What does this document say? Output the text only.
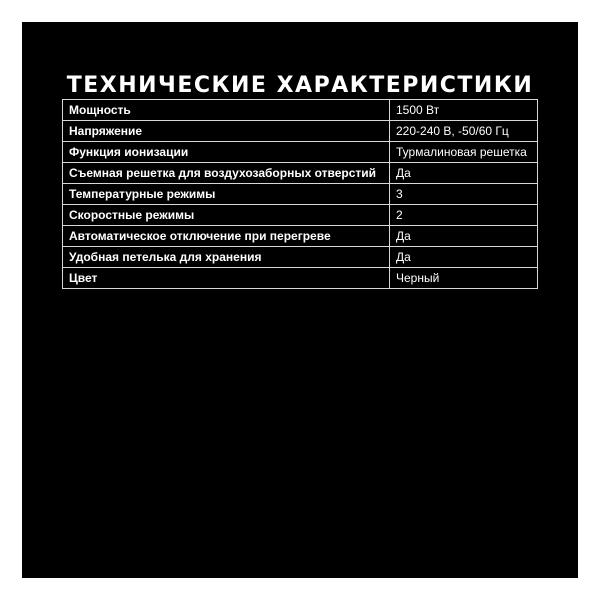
ТЕХНИЧЕСКИЕ ХАРАКТЕРИСТИКИ
Мощность	1500 Вт
Напряжение	220-240 В, -50/60 Гц
Функция ионизации	Турмалиновая решетка
Съемная решетка для воздухозаборных отверстий	Да
Температурные режимы	3
Скоростные режимы	2
Автоматическое отключение при перегреве	Да
Удобная петелька для хранения	Да
Цвет	Черный
